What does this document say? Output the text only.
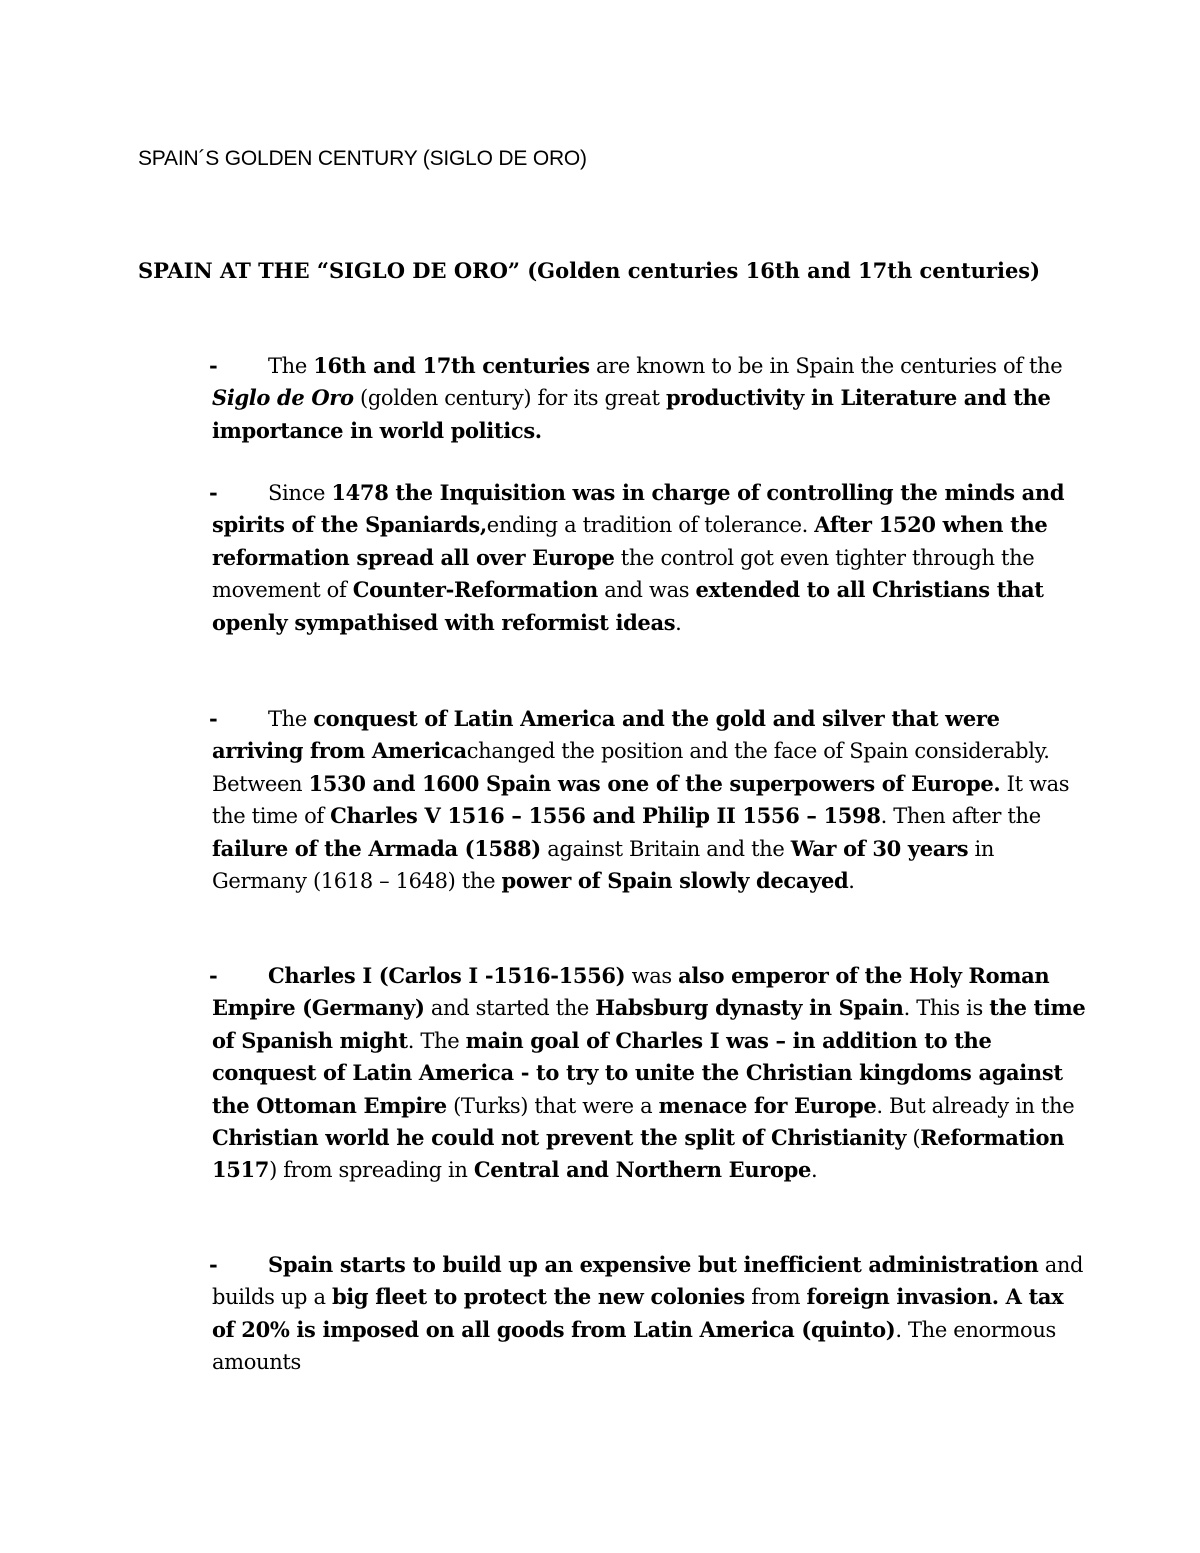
SPAIN´S GOLDEN CENTURY (SIGLO DE ORO)
SPAIN AT THE “SIGLO DE ORO” (Golden centuries 16th and 17th centuries)
- The 16th and 17th centuries are known to be in Spain the centuries of the Siglo de Oro (golden century) for its great productivity in Literature and the importance in world politics.
- Since 1478 the Inquisition was in charge of controlling the minds and spirits of the Spaniards,ending a tradition of tolerance. After 1520 when the reformation spread all over Europe the control got even tighter through the movement of Counter-Reformation and was extended to all Christians that openly sympathised with reformist ideas.
- The conquest of Latin America and the gold and silver that were arriving from Americachanged the position and the face of Spain considerably. Between 1530 and 1600 Spain was one of the superpowers of Europe. It was the time of Charles V 1516 – 1556 and Philip II 1556 – 1598. Then after the failure of the Armada (1588) against Britain and the War of 30 years in Germany (1618 – 1648) the power of Spain slowly decayed.
- Charles I (Carlos I -1516-1556) was also emperor of the Holy Roman Empire (Germany) and started the Habsburg dynasty in Spain. This is the time of Spanish might. The main goal of Charles I was – in addition to the conquest of Latin America - to try to unite the Christian kingdoms against the Ottoman Empire (Turks) that were a menace for Europe. But already in the Christian world he could not prevent the split of Christianity (Reformation 1517) from spreading in Central and Northern Europe.
- Spain starts to build up an expensive but inefficient administration and builds up a big fleet to protect the new colonies from foreign invasion. A tax of 20% is imposed on all goods from Latin America (quinto). The enormous amounts
